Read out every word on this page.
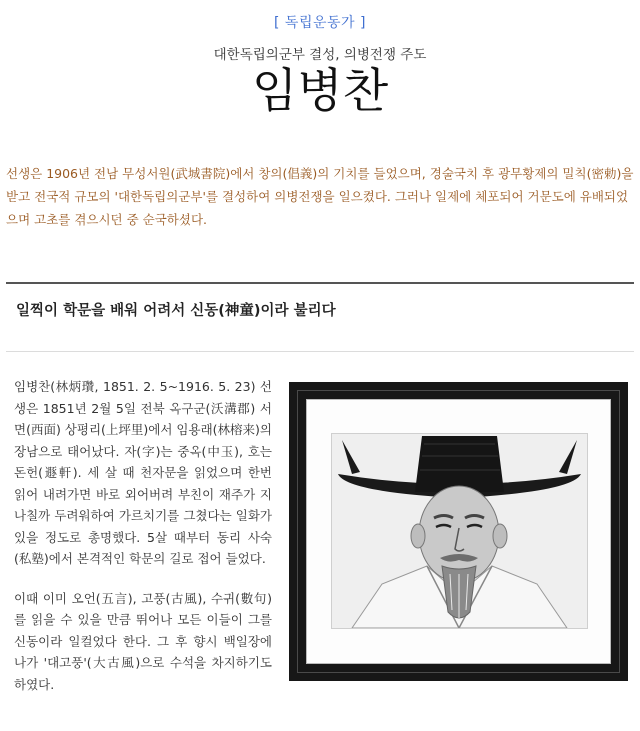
[ 독립운동가 ]
대한독립의군부 결성, 의병전쟁 주도
임병찬
선생은 1906년 전남 무성서원(武城書院)에서 창의(倡義)의 기치를 들었으며, 경술국치 후 광무황제의 밀칙(密勅)을 받고 전국적 규모의 '대한독립의군부'를 결성하여 의병전쟁을 일으켰다. 그러나 일제에 체포되어 거문도에 유배되었으며 고초를 겪으시던 중 순국하셨다.
일찍이 학문을 배워 어려서 신동(神童)이라 불리다

임병찬(林炳瓚, 1851. 2. 5~1916. 5. 23) 선생은 1851년 2월 5일 전북 옥구군(沃溝郡) 서면(西面) 상평리(上坪里)에서 임용래(林榕来)의 장남으로 태어났다. 자(字)는 중옥(中玉), 호는 돈헌(遯軒). 세 살 때 천자문을 읽었으며 한번 읽어 내려가면 바로 외어버려 부친이 재주가 지나칠까 두려워하여 가르치기를 그쳤다는 일화가 있을 정도로 총명했다. 5살 때부터 동리 사숙(私塾)에서 본격적인 학문의 길로 접어 들었다.

이때 이미 오언(五言), 고풍(古風), 수귀(數句)를 읽을 수 있을 만큼 뛰어나 모든 이들이 그를 신동이라 일컬었다 한다. 그 후 향시 백일장에 나가 '대고풍'(大古風)으로 수석을 차지하기도 하였다.
